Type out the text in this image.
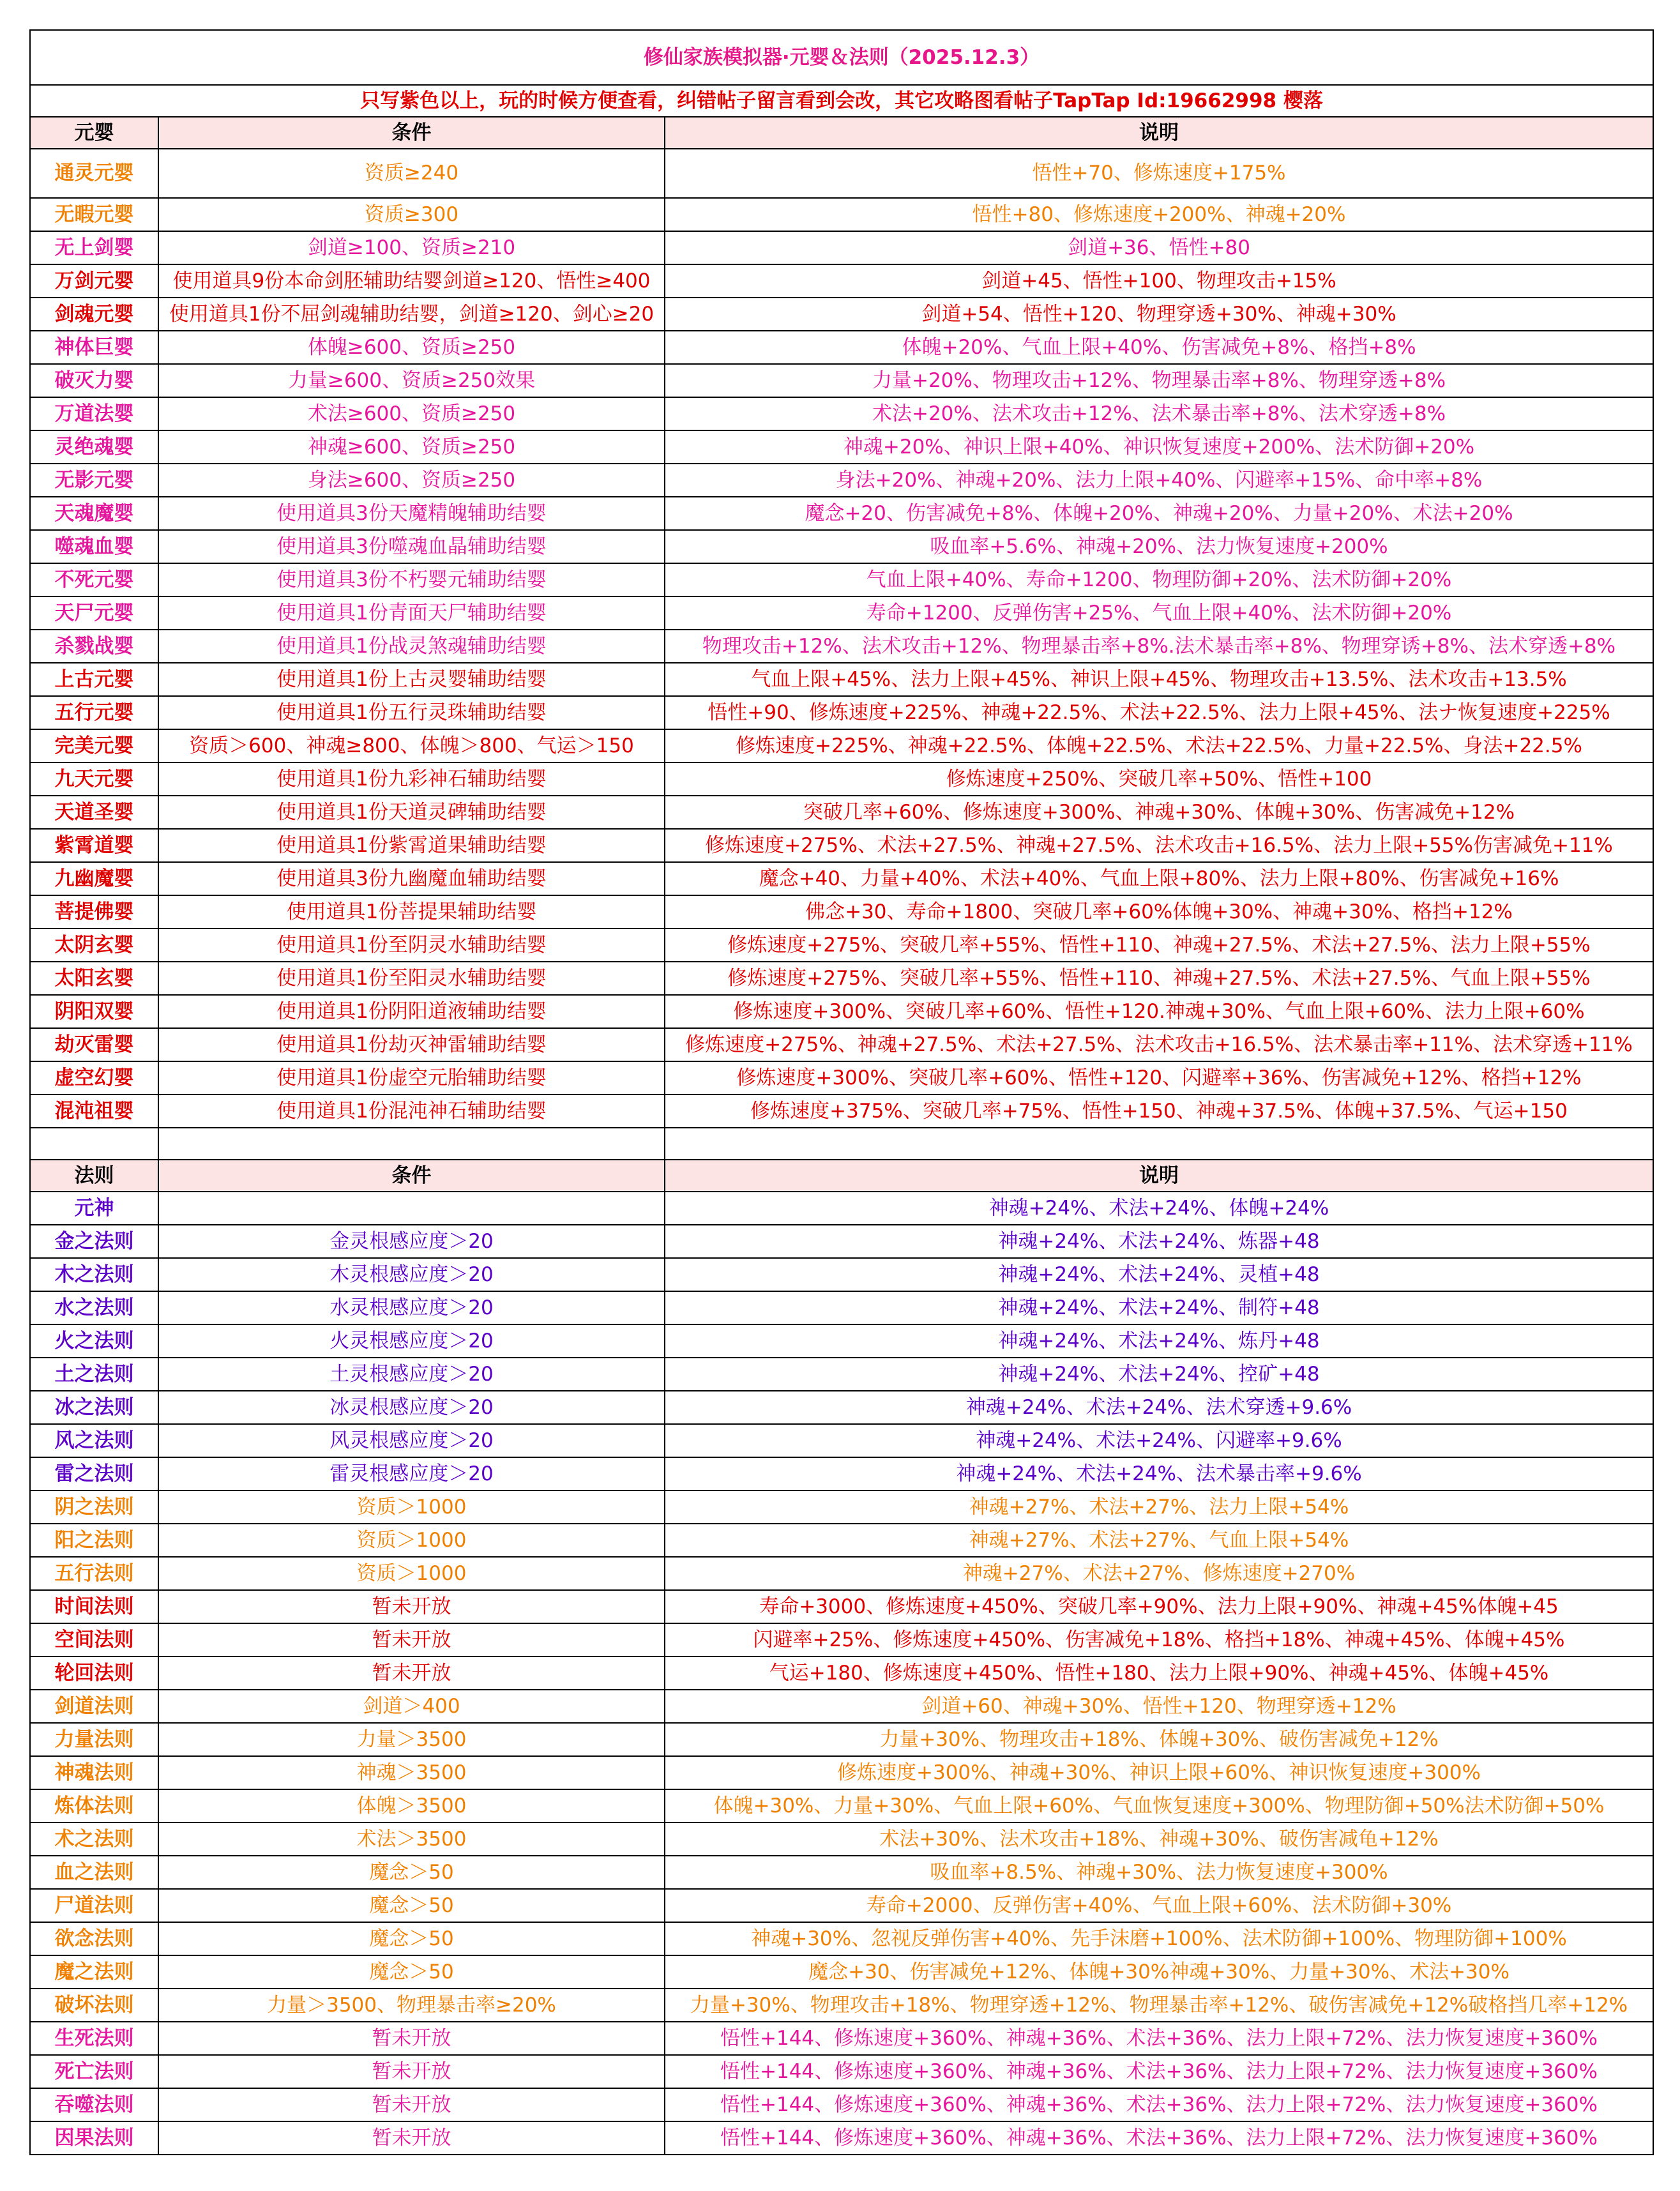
修仙家族模拟器·元婴＆法则（2025.12.3）		
只写紫色以上，玩的时候方便查看，纠错帖子留言看到会改，其它攻略图看帖子TapTap Id:19662998 樱落		
元婴	条件	说明
通灵元婴	资质≥240	悟性+70、修炼速度+175%
无暇元婴	资质≥300	悟性+80、修炼速度+200%、神魂+20%
无上剑婴	剑道≥100、资质≥210	剑道+36、悟性+80
万剑元婴	使用道具9份本命剑胚辅助结婴剑道≥120、悟性≥400	剑道+45、悟性+100、物理攻击+15%
剑魂元婴	使用道具1份不屈剑魂辅助结婴，剑道≥120、剑心≥20	剑道+54、悟性+120、物理穿透+30%、神魂+30%
神体巨婴	体魄≥600、资质≥250	体魄+20%、气血上限+40%、伤害减免+8%、格挡+8%
破灭力婴	力量≥600、资质≥250效果	力量+20%、物理攻击+12%、物理暴击率+8%、物理穿透+8%
万道法婴	术法≥600、资质≥250	术法+20%、法术攻击+12%、法术暴击率+8%、法术穿透+8%
灵绝魂婴	神魂≥600、资质≥250	神魂+20%、神识上限+40%、神识恢复速度+200%、法术防御+20%
无影元婴	身法≥600、资质≥250	身法+20%、神魂+20%、法力上限+40%、闪避率+15%、命中率+8%
天魂魔婴	使用道具3份天魔精魄辅助结婴	魔念+20、伤害减免+8%、体魄+20%、神魂+20%、力量+20%、术法+20%
噬魂血婴	使用道具3份噬魂血晶辅助结婴	吸血率+5.6%、神魂+20%、法力恢复速度+200%
不死元婴	使用道具3份不朽婴元辅助结婴	气血上限+40%、寿命+1200、物理防御+20%、法术防御+20%
天尸元婴	使用道具1份青面天尸辅助结婴	寿命+1200、反弹伤害+25%、气血上限+40%、法术防御+20%
杀戮战婴	使用道具1份战灵煞魂辅助结婴	物理攻击+12%、法术攻击+12%、物理暴击率+8%.法术暴击率+8%、物理穿诱+8%、法术穿透+8%
上古元婴	使用道具1份上古灵婴辅助结婴	气血上限+45%、法力上限+45%、神识上限+45%、物理攻击+13.5%、法术攻击+13.5%
五行元婴	使用道具1份五行灵珠辅助结婴	悟性+90、修炼速度+225%、神魂+22.5%、术法+22.5%、法力上限+45%、法ナ恢复速度+225%
完美元婴	资质＞600、神魂≥800、体魄＞800、气运＞150	修炼速度+225%、神魂+22.5%、体魄+22.5%、术法+22.5%、力量+22.5%、身法+22.5%
九天元婴	使用道具1份九彩神石辅助结婴	修炼速度+250%、突破几率+50%、悟性+100
天道圣婴	使用道具1份天道灵碑辅助结婴	突破几率+60%、修炼速度+300%、神魂+30%、体魄+30%、伤害减免+12%
紫霄道婴	使用道具1份紫霄道果辅助结婴	修炼速度+275%、术法+27.5%、神魂+27.5%、法术攻击+16.5%、法力上限+55%伤害减免+11%
九幽魔婴	使用道具3份九幽魔血辅助结婴	魔念+40、力量+40%、术法+40%、气血上限+80%、法力上限+80%、伤害减免+16%
菩提佛婴	使用道具1份菩提果辅助结婴	佛念+30、寿命+1800、突破几率+60%体魄+30%、神魂+30%、格挡+12%
太阴玄婴	使用道具1份至阴灵水辅助结婴	修炼速度+275%、突破几率+55%、悟性+110、神魂+27.5%、术法+27.5%、法力上限+55%
太阳玄婴	使用道具1份至阳灵水辅助结婴	修炼速度+275%、突破几率+55%、悟性+110、神魂+27.5%、术法+27.5%、气血上限+55%
阴阳双婴	使用道具1份阴阳道液辅助结婴	修炼速度+300%、突破几率+60%、悟性+120.神魂+30%、气血上限+60%、法力上限+60%
劫灭雷婴	使用道具1份劫灭神雷辅助结婴	修炼速度+275%、神魂+27.5%、术法+27.5%、法术攻击+16.5%、法术暴击率+11%、法术穿透+11%
虚空幻婴	使用道具1份虚空元胎辅助结婴	修炼速度+300%、突破几率+60%、悟性+120、闪避率+36%、伤害减免+12%、格挡+12%
混沌祖婴	使用道具1份混沌神石辅助结婴	修炼速度+375%、突破几率+75%、悟性+150、神魂+37.5%、体魄+37.5%、气运+150

法则	条件	说明
元神		神魂+24%、术法+24%、体魄+24%
金之法则	金灵根感应度＞20	神魂+24%、术法+24%、炼器+48
木之法则	木灵根感应度＞20	神魂+24%、术法+24%、灵植+48
水之法则	水灵根感应度＞20	神魂+24%、术法+24%、制符+48
火之法则	火灵根感应度＞20	神魂+24%、术法+24%、炼丹+48
土之法则	土灵根感应度＞20	神魂+24%、术法+24%、控矿+48
冰之法则	冰灵根感应度＞20	神魂+24%、术法+24%、法术穿透+9.6%
风之法则	风灵根感应度＞20	神魂+24%、术法+24%、闪避率+9.6%
雷之法则	雷灵根感应度＞20	神魂+24%、术法+24%、法术暴击率+9.6%
阴之法则	资质＞1000	神魂+27%、术法+27%、法力上限+54%
阳之法则	资质＞1000	神魂+27%、术法+27%、气血上限+54%
五行法则	资质＞1000	神魂+27%、术法+27%、修炼速度+270%
时间法则	暂未开放	寿命+3000、修炼速度+450%、突破几率+90%、法力上限+90%、神魂+45%体魄+45
空间法则	暂未开放	闪避率+25%、修炼速度+450%、伤害减免+18%、格挡+18%、神魂+45%、体魄+45%
轮回法则	暂未开放	气运+180、修炼速度+450%、悟性+180、法力上限+90%、神魂+45%、体魄+45%
剑道法则	剑道＞400	剑道+60、神魂+30%、悟性+120、物理穿透+12%
力量法则	力量＞3500	力量+30%、物理攻击+18%、体魄+30%、破伤害减免+12%
神魂法则	神魂＞3500	修炼速度+300%、神魂+30%、神识上限+60%、神识恢复速度+300%
炼体法则	体魄＞3500	体魄+30%、力量+30%、气血上限+60%、气血恢复速度+300%、物理防御+50%法术防御+50%
术之法则	术法＞3500	术法+30%、法术攻击+18%、神魂+30%、破伤害减龟+12%
血之法则	魔念＞50	吸血率+8.5%、神魂+30%、法力恢复速度+300%
尸道法则	魔念＞50	寿命+2000、反弹伤害+40%、气血上限+60%、法术防御+30%
欲念法则	魔念＞50	神魂+30%、忽视反弹伤害+40%、先手沫磨+100%、法术防御+100%、物理防御+100%
魔之法则	魔念＞50	魔念+30、伤害减免+12%、体魄+30%神魂+30%、力量+30%、术法+30%
破坏法则	力量＞3500、物理暴击率≥20%	力量+30%、物理攻击+18%、物理穿透+12%、物理暴击率+12%、破伤害减免+12%破格挡几率+12%
生死法则	暂未开放	悟性+144、修炼速度+360%、神魂+36%、术法+36%、法力上限+72%、法力恢复速度+360%
死亡法则	暂未开放	悟性+144、修炼速度+360%、神魂+36%、术法+36%、法力上限+72%、法力恢复速度+360%
吞噬法则	暂未开放	悟性+144、修炼速度+360%、神魂+36%、术法+36%、法力上限+72%、法力恢复速度+360%
因果法则	暂未开放	悟性+144、修炼速度+360%、神魂+36%、术法+36%、法力上限+72%、法力恢复速度+360%
